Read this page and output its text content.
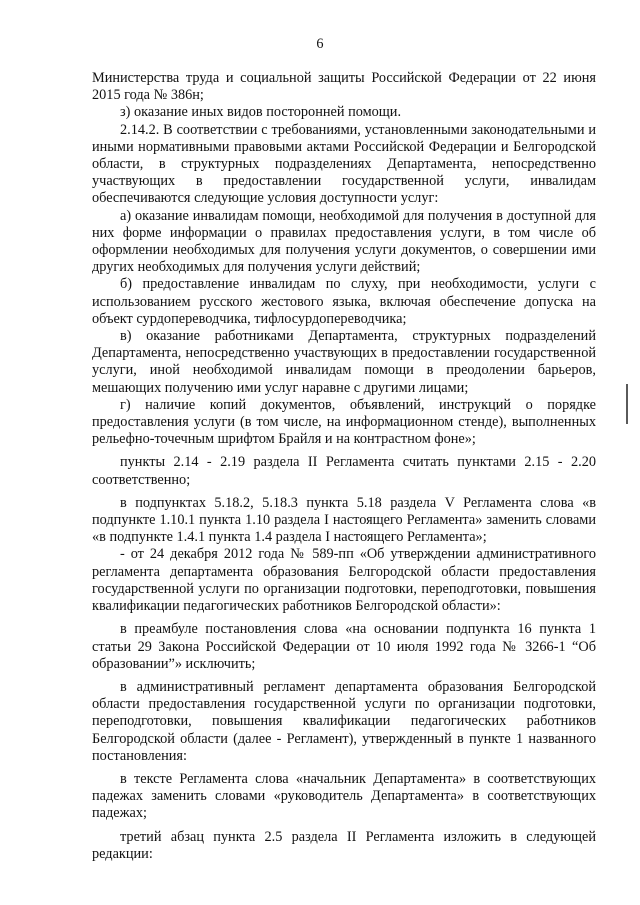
6

Министерства труда и социальной защиты Российской Федерации от 22 июня 2015 года № 386н;

з) оказание иных видов посторонней помощи.

2.14.2. В соответствии с требованиями, установленными законодательными и иными нормативными правовыми актами Российской Федерации и Белгородской области, в структурных подразделениях Департамента, непосредственно участвующих в предоставлении государственной услуги, инвалидам обеспечиваются следующие условия доступности услуг:

а) оказание инвалидам помощи, необходимой для получения в доступной для них форме информации о правилах предоставления услуги, в том числе об оформлении необходимых для получения услуги документов, о совершении ими других необходимых для получения услуги действий;

б) предоставление инвалидам по слуху, при необходимости, услуги с использованием русского жестового языка, включая обеспечение допуска на объект сурдопереводчика, тифлосурдопереводчика;

в) оказание работниками Департамента, структурных подразделений Департамента, непосредственно участвующих в предоставлении государственной услуги, иной необходимой инвалидам помощи в преодолении барьеров, мешающих получению ими услуг наравне с другими лицами;

г) наличие копий документов, объявлений, инструкций о порядке предоставления услуги (в том числе, на информационном стенде), выполненных рельефно-точечным шрифтом Брайля и на контрастном фоне»;

пункты 2.14 - 2.19 раздела II Регламента считать пунктами 2.15 - 2.20 соответственно;

в подпунктах 5.18.2, 5.18.3 пункта 5.18 раздела V Регламента слова «в подпункте 1.10.1 пункта 1.10 раздела I настоящего Регламента» заменить словами «в подпункте 1.4.1 пункта 1.4 раздела I настоящего Регламента»;

- от 24 декабря 2012 года № 589-пп «Об утверждении административного регламента департамента образования Белгородской области предоставления государственной услуги по организации подготовки, переподготовки, повышения квалификации педагогических работников Белгородской области»:

в преамбуле постановления слова «на основании подпункта 16 пункта 1 статьи 29 Закона Российской Федерации от 10 июля 1992 года № 3266-1 “Об образовании”» исключить;

в административный регламент департамента образования Белгородской области предоставления государственной услуги по организации подготовки, переподготовки, повышения квалификации педагогических работников Белгородской области (далее - Регламент), утвержденный в пункте 1 названного постановления:

в тексте Регламента слова «начальник Департамента» в соответствующих падежах заменить словами «руководитель Департамента» в соответствующих падежах;

третий абзац пункта 2.5 раздела II Регламента изложить в следующей редакции:
